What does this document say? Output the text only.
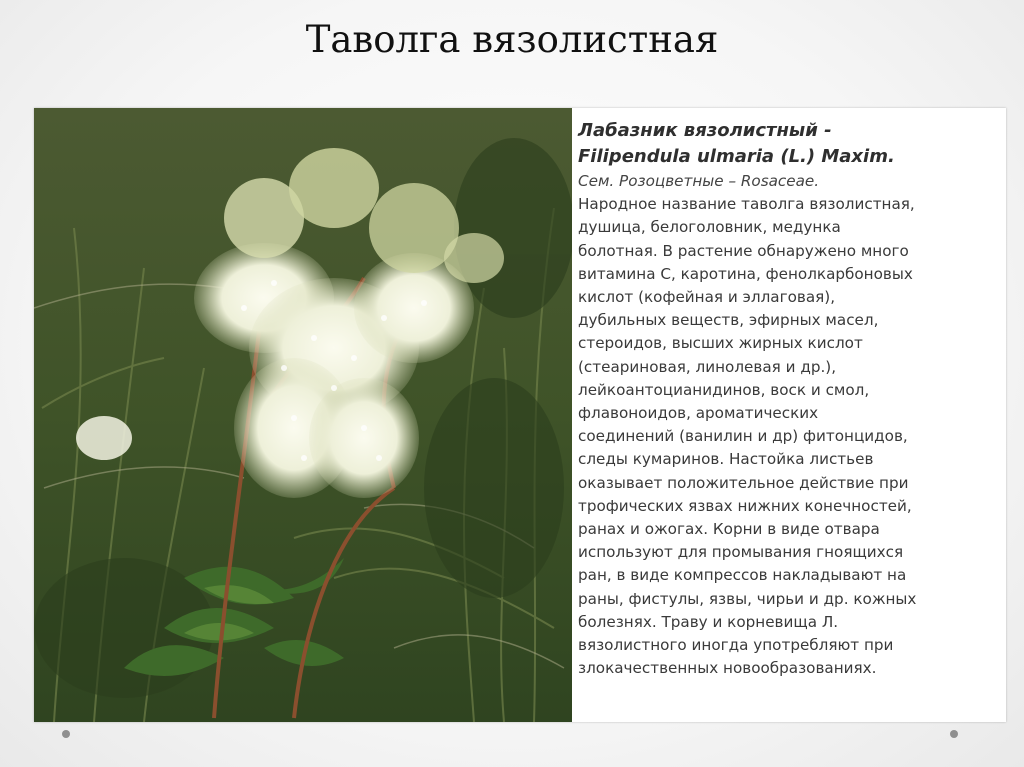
Таволга вязолистная
Лабазник вязолистный -
Filipendula ulmaria (L.) Maxim.
Сем. Розоцветные – Rosaceae.
Народное название таволга вязолистная,
душица, белоголовник, медунка
болотная. В растение обнаружено много
витамина С, каротина, фенолкарбоновых
кислот (кофейная и эллаговая),
дубильных веществ, эфирных масел,
стероидов, высших жирных кислот
(стеариновая, линолевая и др.),
лейкоантоцианидинов, воск и смол,
флавоноидов, ароматических
соединений (ванилин и др) фитонцидов,
следы кумаринов. Настойка листьев
оказывает положительное действие при
трофических язвах нижних конечностей,
ранах и ожогах. Корни в виде отвара
используют для промывания гноящихся
ран, в виде компрессов накладывают на
раны, фистулы, язвы, чирьи и др. кожных
болезнях. Траву и корневища Л.
вязолистного иногда употребляют при
злокачественных новообразованиях.
